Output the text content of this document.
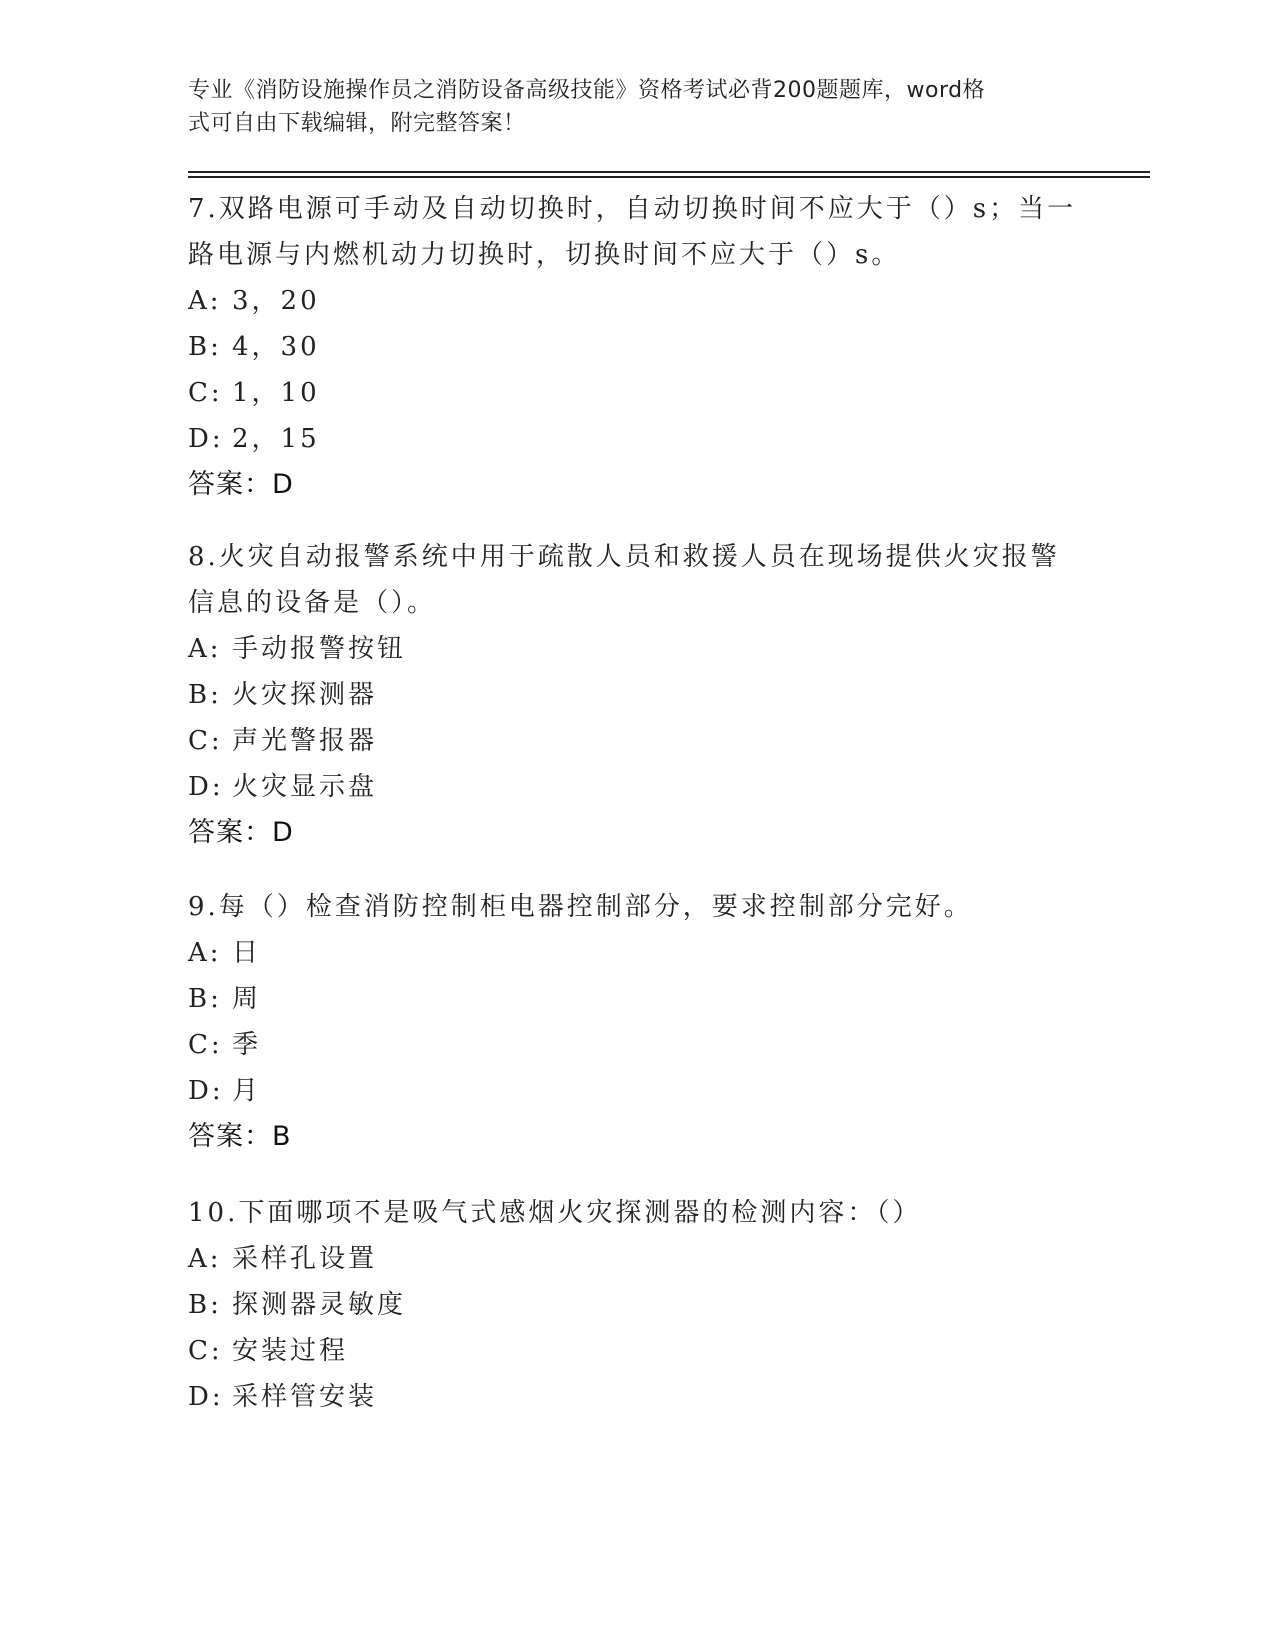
专业《消防设施操作员之消防设备高级技能》资格考试必背200题题库，word格
式可自由下载编辑，附完整答案！
7.双路电源可手动及自动切换时，自动切换时间不应大于（）s；当一
路电源与内燃机动力切换时，切换时间不应大于（）s。
A: 3，20
B: 4，30
C: 1，10
D: 2，15
答案：D
8.火灾自动报警系统中用于疏散人员和救援人员在现场提供火灾报警
信息的设备是（）。
A: 手动报警按钮
B: 火灾探测器
C: 声光警报器
D: 火灾显示盘
答案：D
9.每（）检查消防控制柜电器控制部分，要求控制部分完好。
A: 日
B: 周
C: 季
D: 月
答案：B
10.下面哪项不是吸气式感烟火灾探测器的检测内容：（）
A: 采样孔设置
B: 探测器灵敏度
C: 安装过程
D: 采样管安装
